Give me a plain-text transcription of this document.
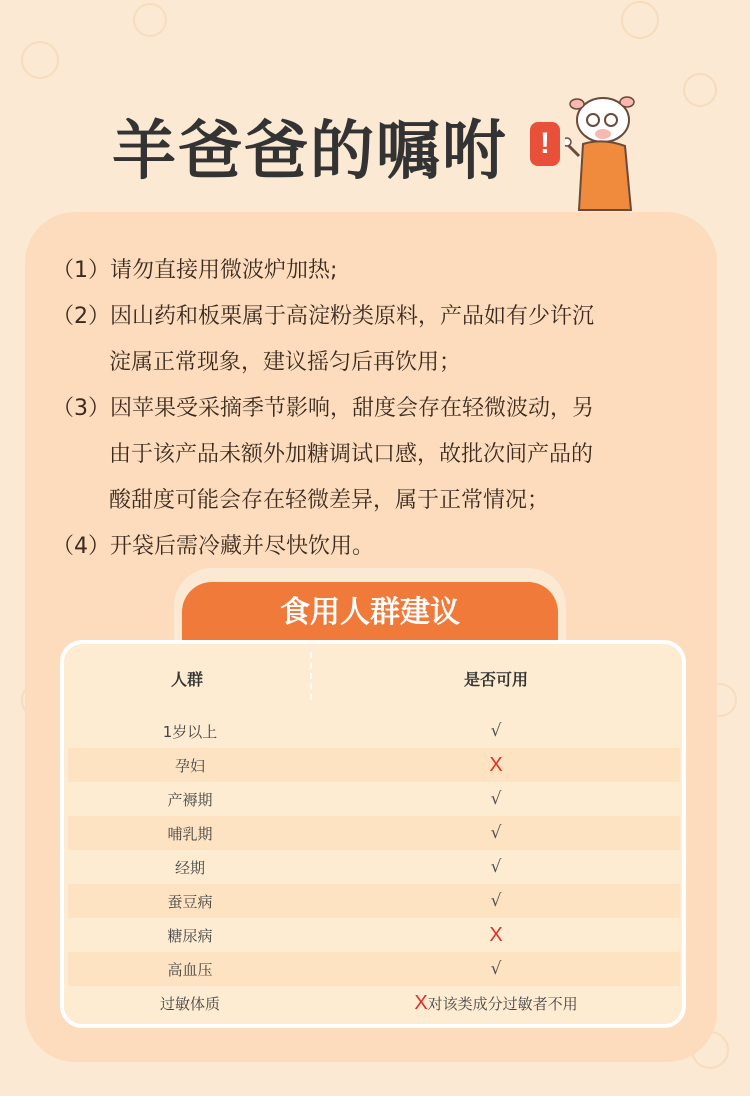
羊爸爸的嘱咐	!
（1）请勿直接用微波炉加热;
（2）因山药和板栗属于高淀粉类原料，产品如有少许沉
淀属正常现象，建议摇匀后再饮用；
（3）因苹果受采摘季节影响，甜度会存在轻微波动，另
由于该产品未额外加糖调试口感，故批次间产品的
酸甜度可能会存在轻微差异，属于正常情况；
（4）开袋后需冷藏并尽快饮用。
食用人群建议
人群	是否可用
1岁以上	√
孕妇	X
产褥期	√
哺乳期	√
经期	√
蚕豆病	√
糖尿病	X
高血压	√
过敏体质	X对该类成分过敏者不用
